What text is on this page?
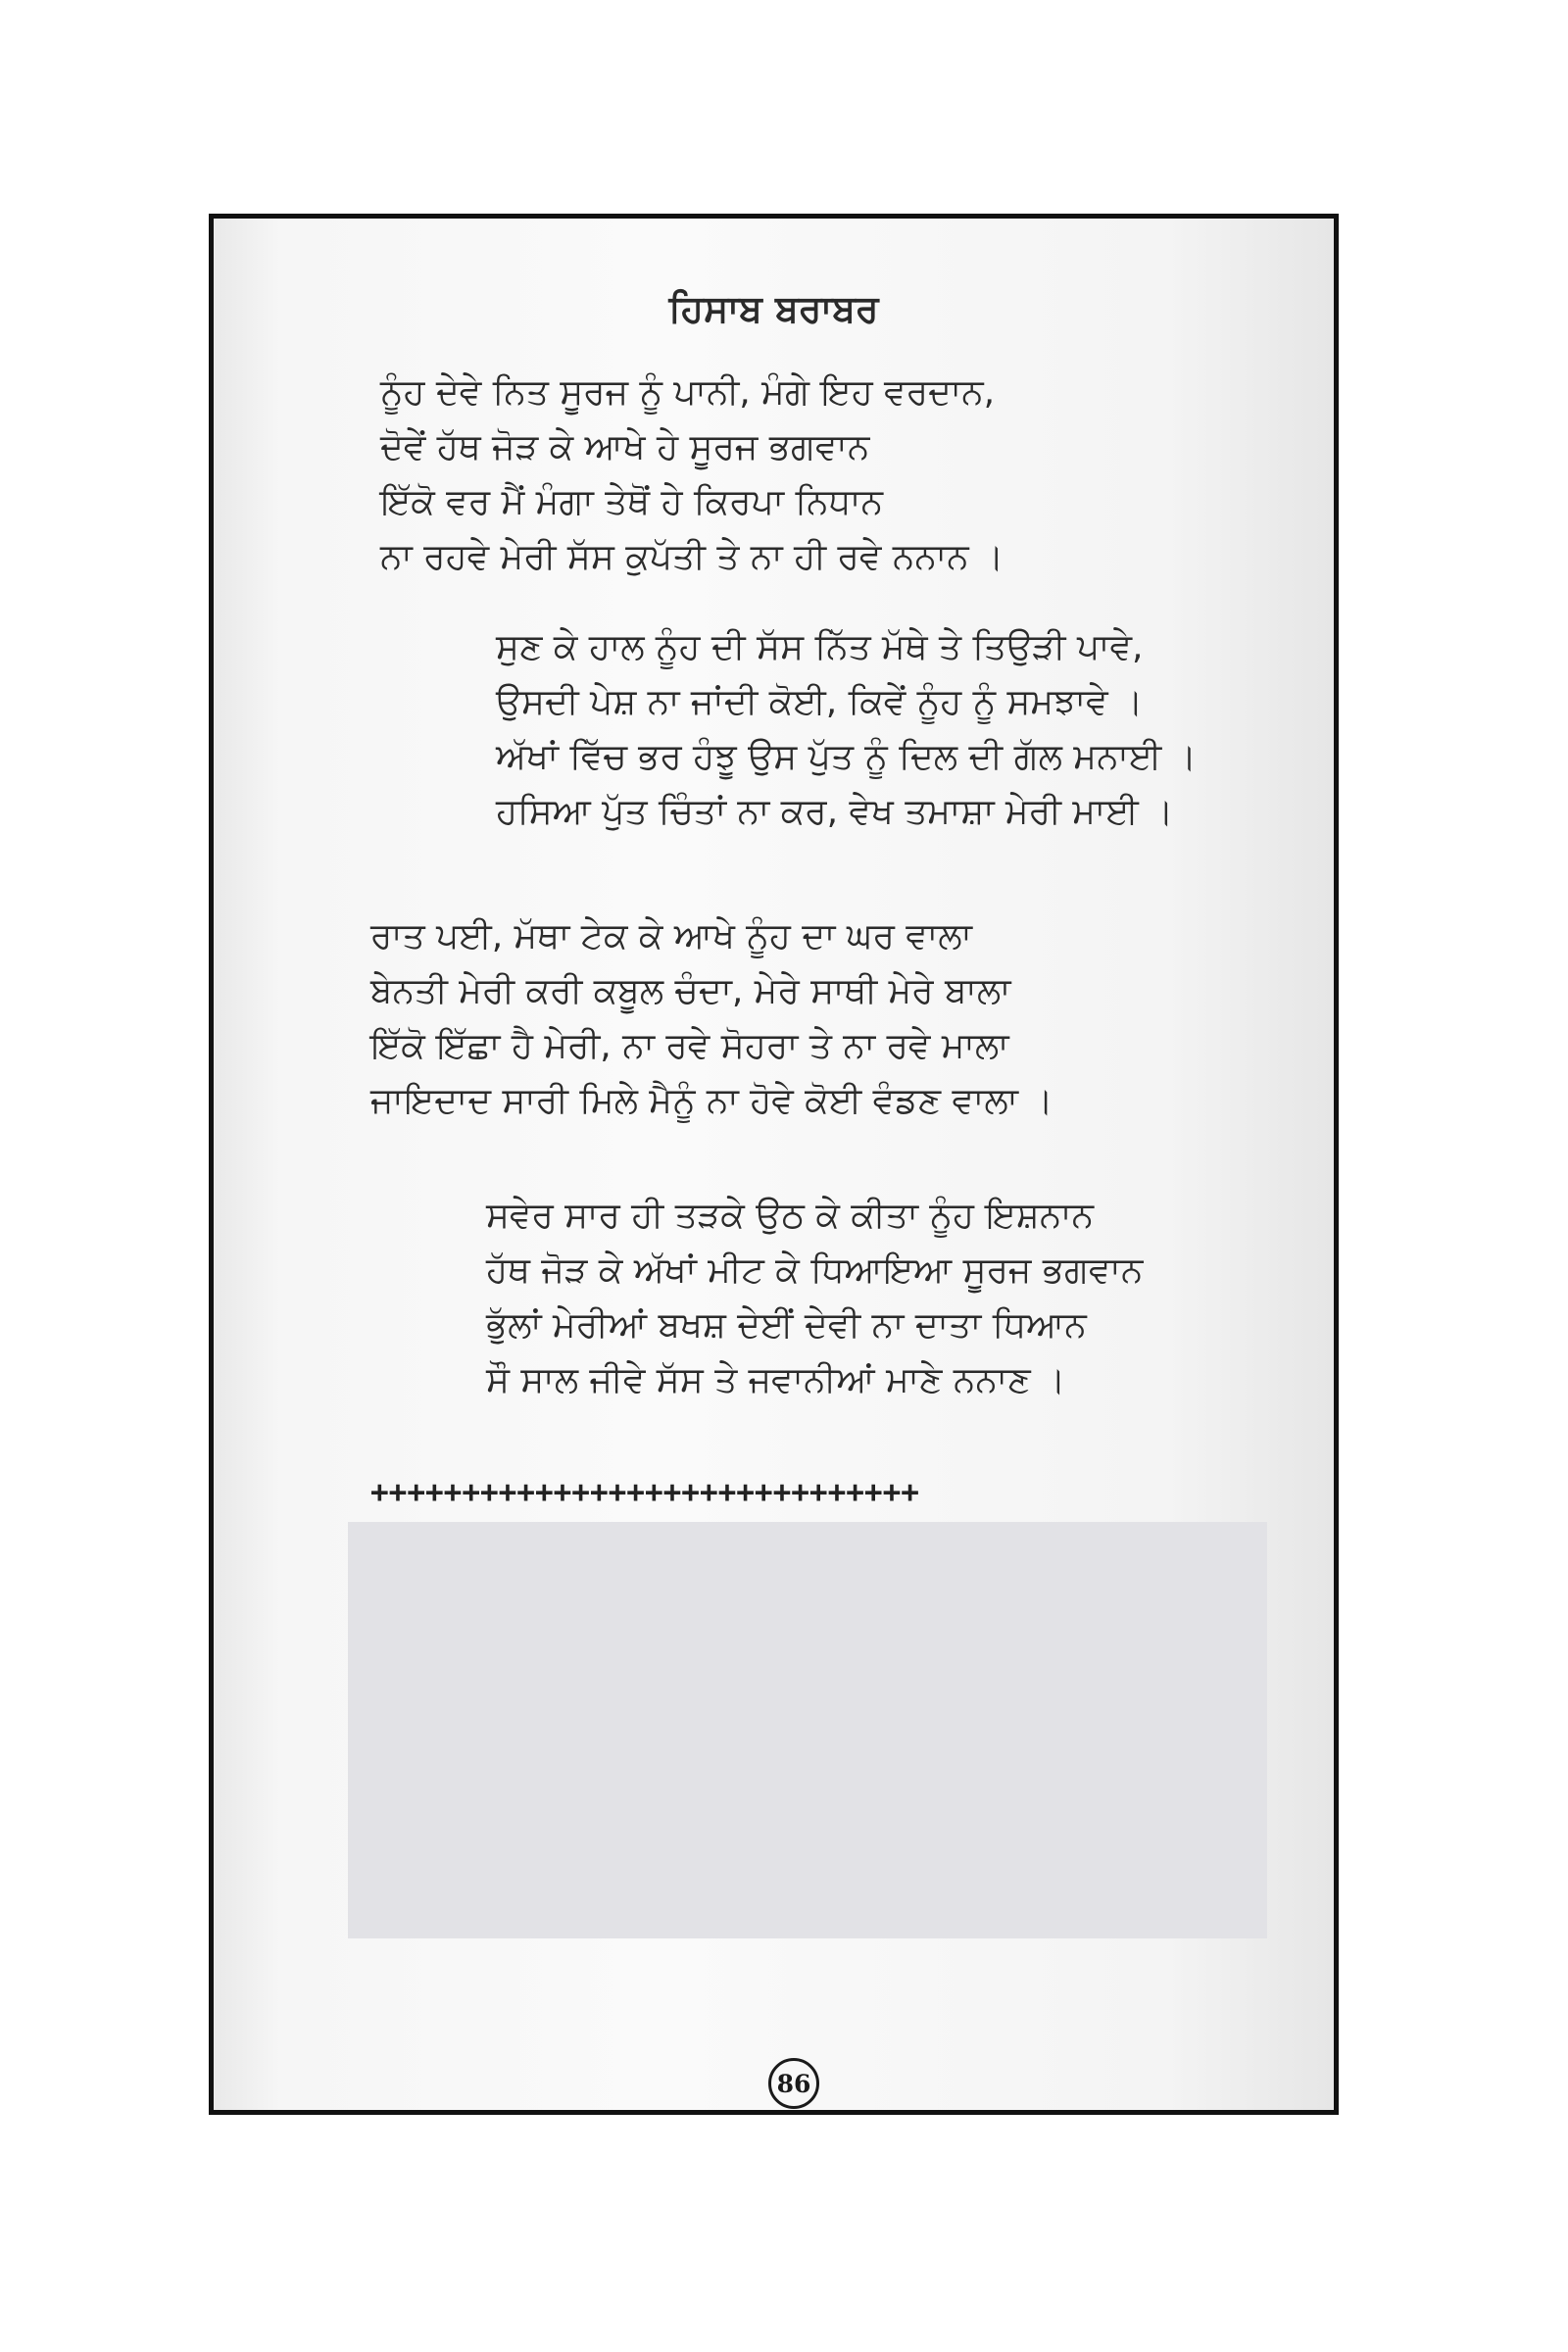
ਹਿਸਾਬ ਬਰਾਬਰ
ਨੂੰਹ ਦੇਵੇ ਨਿਤ ਸੂਰਜ ਨੂੰ ਪਾਨੀ, ਮੰਗੇ ਇਹ ਵਰਦਾਨ,
ਦੋਵੇਂ ਹੱਥ ਜੋੜ ਕੇ ਆਖੇ ਹੇ ਸੂਰਜ ਭਗਵਾਨ
ਇੱਕੋ ਵਰ ਮੈਂ ਮੰਗਾ ਤੇਥੋਂ ਹੇ ਕਿਰਪਾ ਨਿਧਾਨ
ਨਾ ਰਹਵੇ ਮੇਰੀ ਸੱਸ ਕੁਪੱਤੀ ਤੇ ਨਾ ਹੀ ਰਵੇ ਨਨਾਨ ।
ਸੁਣ ਕੇ ਹਾਲ ਨੂੰਹ ਦੀ ਸੱਸ ਨਿੱਤ ਮੱਥੇ ਤੇ ਤਿਉੜੀ ਪਾਵੇ,
ਉਸਦੀ ਪੇਸ਼ ਨਾ ਜਾਂਦੀ ਕੋਈ, ਕਿਵੇਂ ਨੂੰਹ ਨੂੰ ਸਮਝਾਵੇ ।
ਅੱਖਾਂ ਵਿੱਚ ਭਰ ਹੰਝੂ ਉਸ ਪੁੱਤ ਨੂੰ ਦਿਲ ਦੀ ਗੱਲ ਮਨਾਈ ।
ਹਸਿਆ ਪੁੱਤ ਚਿੰਤਾਂ ਨਾ ਕਰ, ਵੇਖ ਤਮਾਸ਼ਾ ਮੇਰੀ ਮਾਈ ।
ਰਾਤ ਪਈ, ਮੱਥਾ ਟੇਕ ਕੇ ਆਖੇ ਨੂੰਹ ਦਾ ਘਰ ਵਾਲਾ
ਬੇਨਤੀ ਮੇਰੀ ਕਰੀ ਕਬੂਲ ਚੰਦਾ, ਮੇਰੇ ਸਾਥੀ ਮੇਰੇ ਬਾਲਾ
ਇੱਕੋ ਇੱਛਾ ਹੈ ਮੇਰੀ, ਨਾ ਰਵੇ ਸੋਹਰਾ ਤੇ ਨਾ ਰਵੇ ਮਾਲਾ
ਜਾਇਦਾਦ ਸਾਰੀ ਮਿਲੇ ਮੈਨੂੰ ਨਾ ਹੋਵੇ ਕੋਈ ਵੰਡਣ ਵਾਲਾ ।
ਸਵੇਰ ਸਾਰ ਹੀ ਤੜਕੇ ਉਠ ਕੇ ਕੀਤਾ ਨੂੰਹ ਇਸ਼ਨਾਨ
ਹੱਥ ਜੋੜ ਕੇ ਅੱਖਾਂ ਮੀਟ ਕੇ ਧਿਆਇਆ ਸੂਰਜ ਭਗਵਾਨ
ਭੁੱਲਾਂ ਮੇਰੀਆਂ ਬਖਸ਼ ਦੇਈਂ ਦੇਵੀ ਨਾ ਦਾਤਾ ਧਿਆਨ
ਸੌ ਸਾਲ ਜੀਵੇ ਸੱਸ ਤੇ ਜਵਾਨੀਆਂ ਮਾਣੇ ਨਨਾਣ ।
++++++++++++++++++++++++++++++
86
